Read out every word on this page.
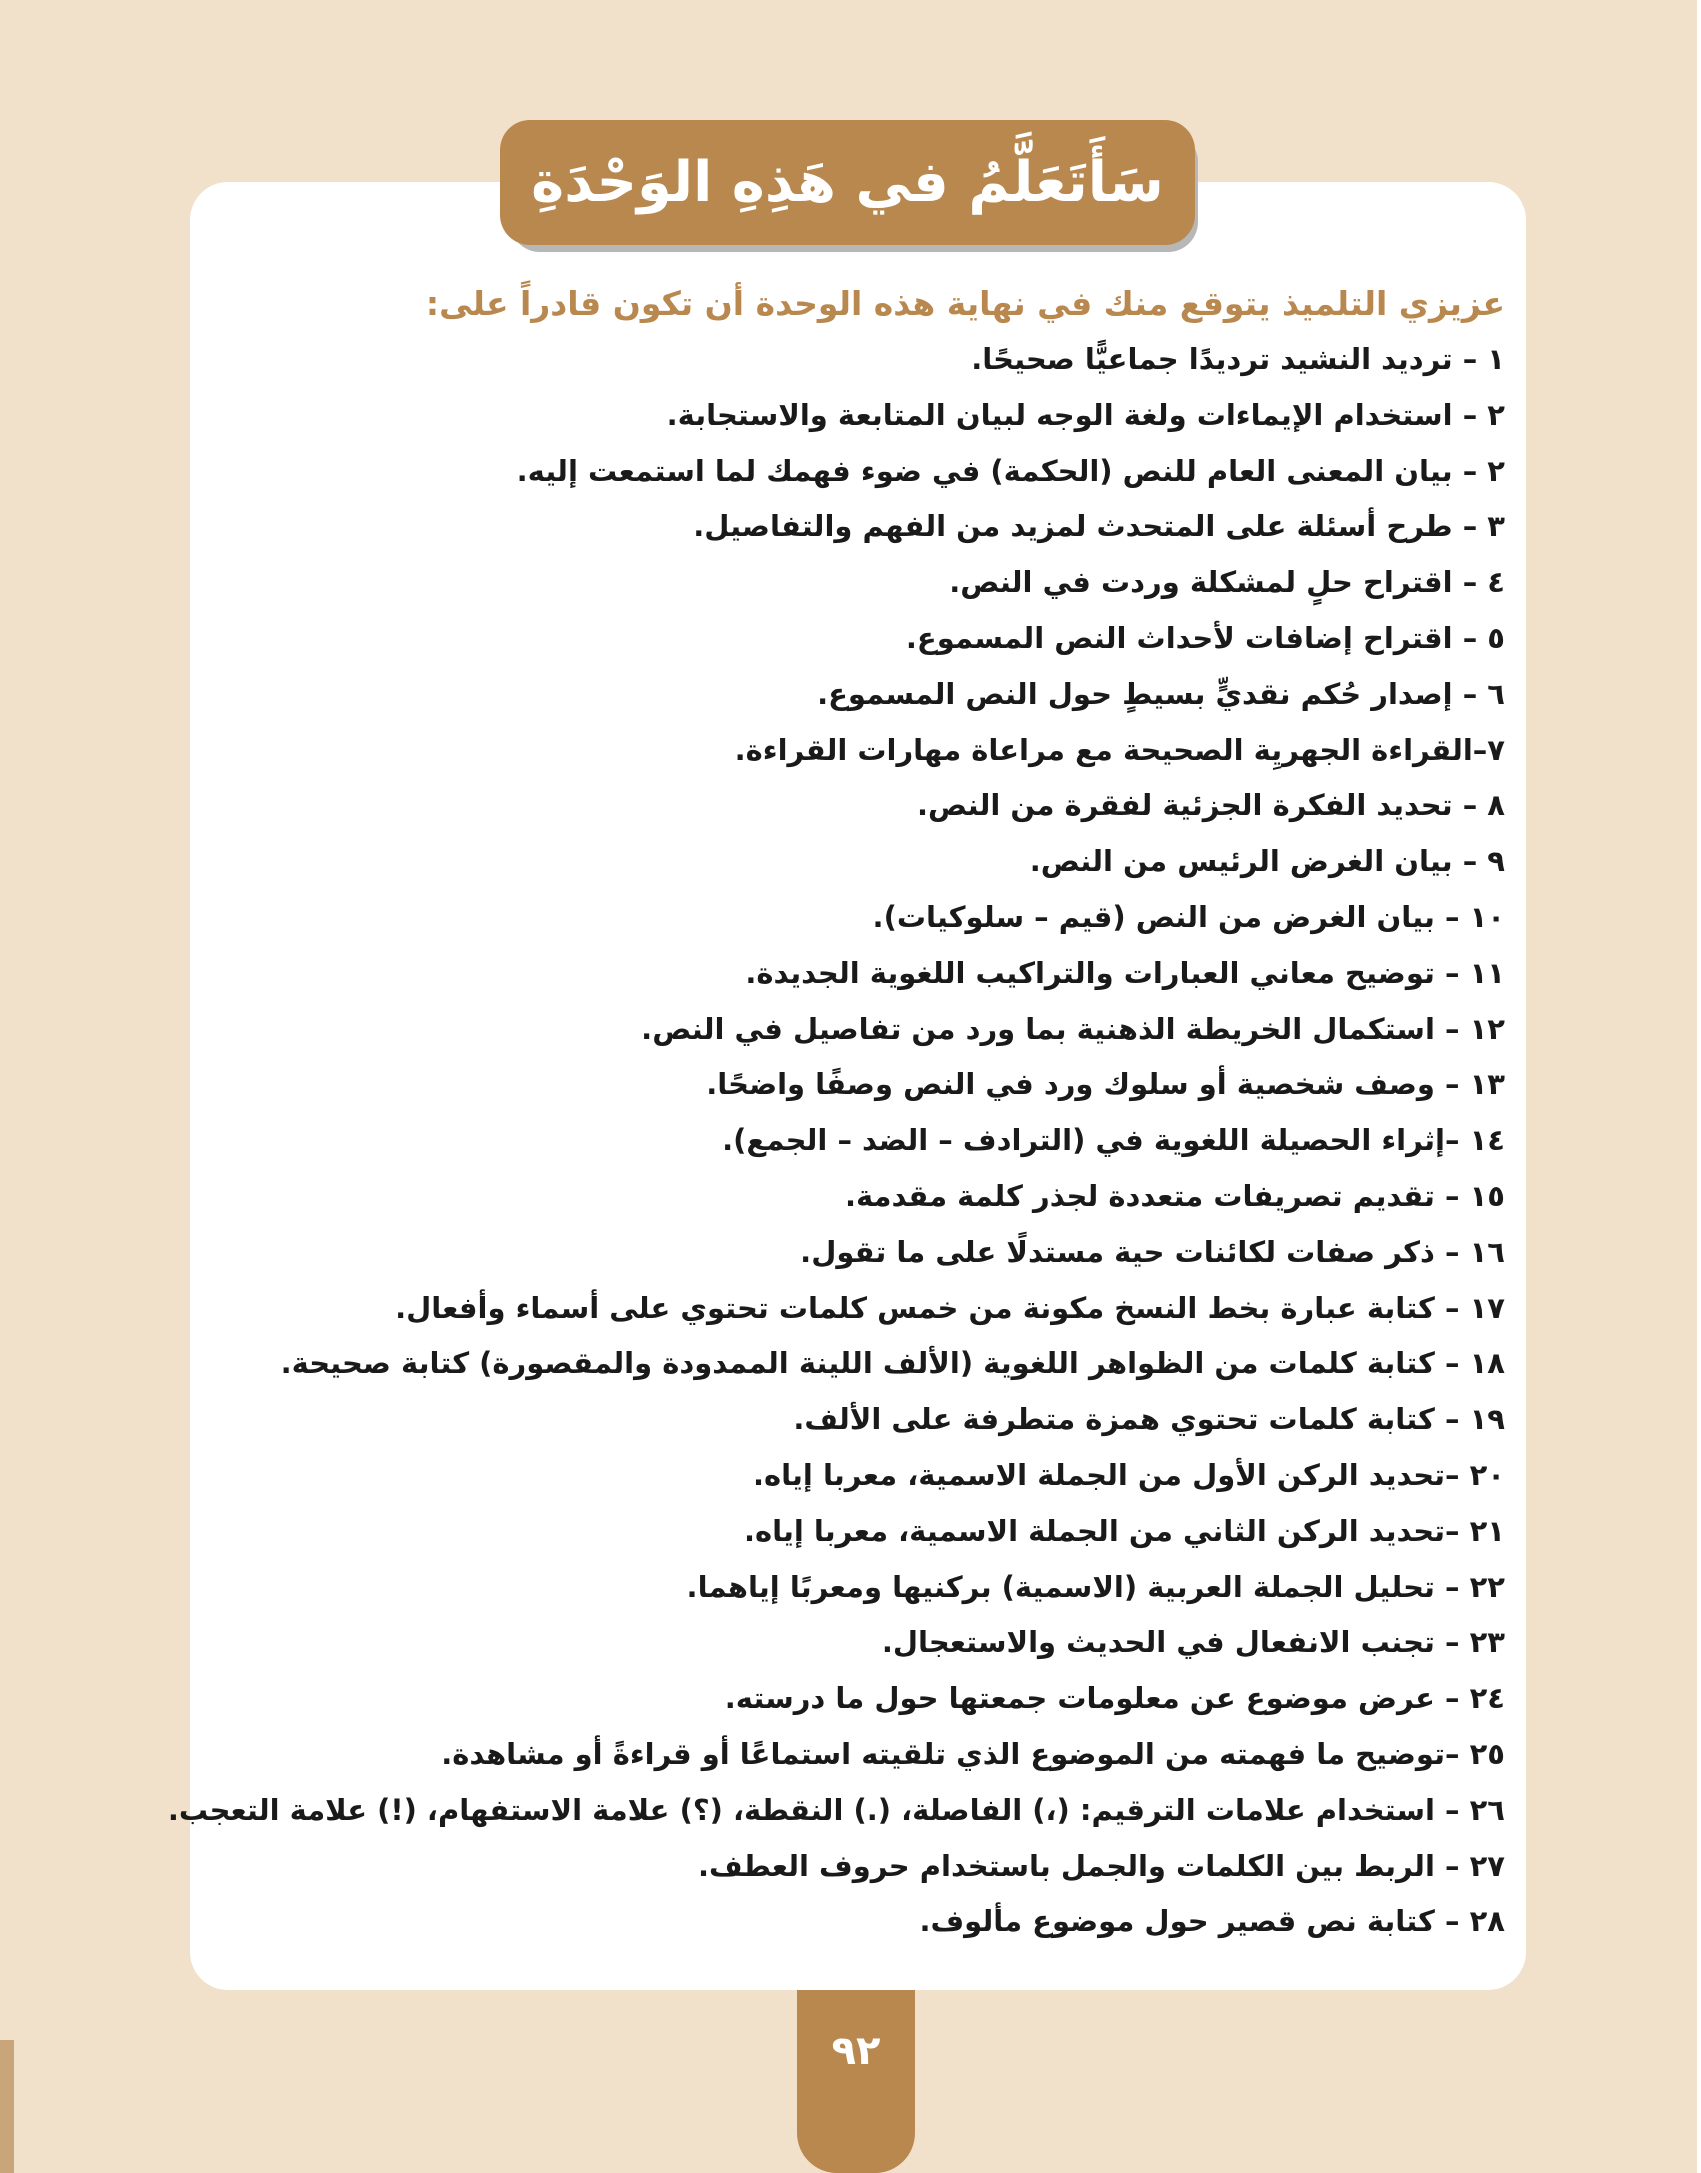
سَأَتَعَلَّمُ في هَذِهِ الوَحْدَةِ
عزيزي التلميذ يتوقع منك في نهاية هذه الوحدة أن تكون قادراً على:
١ – ترديد النشيد ترديدًا جماعيًّا صحيحًا.
٢ – استخدام الإيماءات ولغة الوجه لبيان المتابعة والاستجابة.
٢ – بيان المعنى العام للنص (الحكمة) في ضوء فهمك لما استمعت إليه.
٣ – طرح أسئلة على المتحدث لمزيد من الفهم والتفاصيل.
٤ – اقتراح حلٍ لمشكلة وردت في النص.
٥ – اقتراح إضافات لأحداث النص المسموع.
٦ – إصدار حُكم نقديٍّ بسيطٍ حول النص المسموع.
٧–القراءة الجهريِة الصحيحة مع مراعاة مهارات القراءة.
٨ – تحديد الفكرة الجزئية لفقرة من النص.
٩ – بيان الغرض الرئيس من النص.
١٠ – بيان الغرض من النص (قيم – سلوكيات).
١١ – توضيح معاني العبارات والتراكيب اللغوية الجديدة.
١٢ – استكمال الخريطة الذهنية بما ورد من تفاصيل في النص.
١٣ – وصف شخصية أو سلوك ورد في النص وصفًا واضحًا.
١٤ –إثراء الحصيلة اللغوية في (الترادف – الضد – الجمع).
١٥ – تقديم تصريفات متعددة لجذر كلمة مقدمة.
١٦ – ذكر صفات لكائنات حية مستدلًا على ما تقول.
١٧ – كتابة عبارة بخط النسخ مكونة من خمس كلمات تحتوي على أسماء وأفعال.
١٨ – كتابة كلمات من الظواهر اللغوية (الألف اللينة الممدودة والمقصورة) كتابة صحيحة.
١٩ – كتابة كلمات تحتوي همزة متطرفة على الألف.
٢٠ –تحديد الركن الأول من الجملة الاسمية، معربا إياه.
٢١ –تحديد الركن الثاني من الجملة الاسمية، معربا إياه.
٢٢ – تحليل الجملة العربية (الاسمية) بركنيها ومعربًا إياهما.
٢٣ – تجنب الانفعال في الحديث والاستعجال.
٢٤ – عرض موضوع عن معلومات جمعتها حول ما درسته.
٢٥ –توضيح ما فهمته من الموضوع الذي تلقيته استماعًا أو قراءةً أو مشاهدة.
٢٦ – استخدام علامات الترقيم: (،) الفاصلة، (.) النقطة، (؟) علامة الاستفهام، (!) علامة التعجب.
٢٧ – الربط بين الكلمات والجمل باستخدام حروف العطف.
٢٨ – كتابة نص قصير حول موضوع مألوف.
٩٢
